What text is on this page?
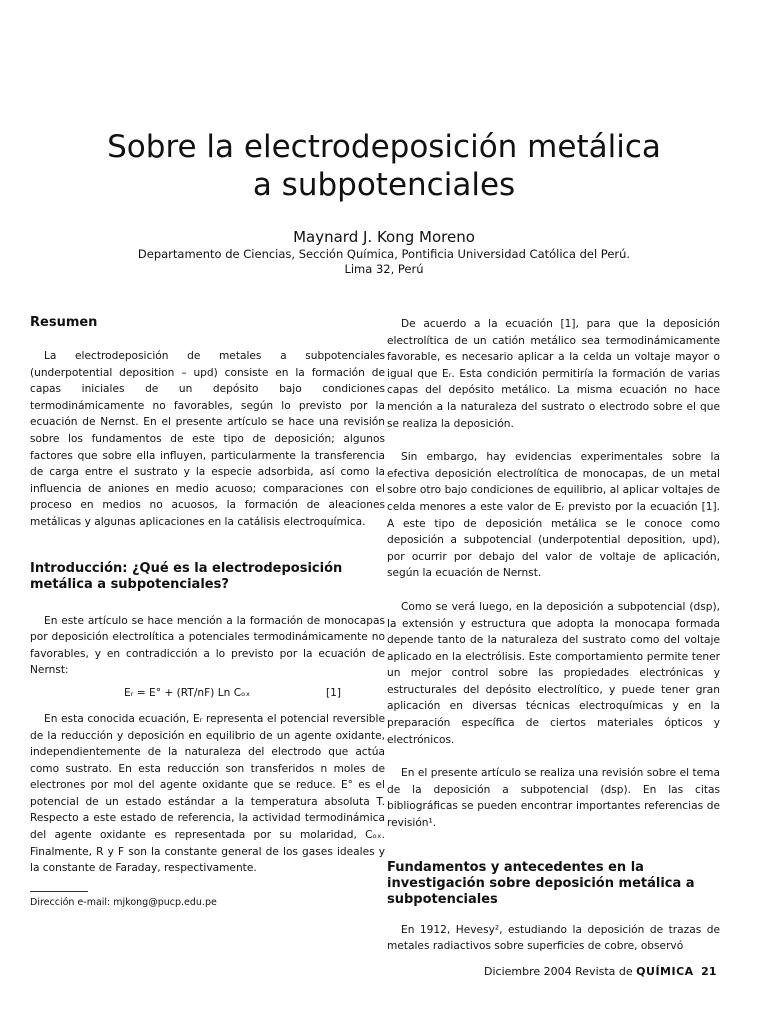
Sobre la electrodeposición metálica
a subpotenciales
Maynard J. Kong Moreno
Departamento de Ciencias, Sección Química, Pontificia Universidad Católica del Perú.
Lima 32, Perú
Resumen

La electrodeposición de metales a subpotenciales (underpotential deposition – upd) consiste en la formación de capas iniciales de un depósito bajo condiciones termodinámicamente no favorables, según lo previsto por la ecuación de Nernst. En el presente artículo se hace una revisión sobre los fundamentos de este tipo de deposición; algunos factores que sobre ella influyen, particularmente la transferencia de carga entre el sustrato y la especie adsorbida, así como la influencia de aniones en medio acuoso; comparaciones con el proceso en medios no acuosos, la formación de aleaciones metálicas y algunas aplicaciones en la catálisis electroquímica.

Introducción: ¿Qué es la electrodeposición metálica a subpotenciales?

En este artículo se hace mención a la formación de monocapas por deposición electrolítica a potenciales termodinámicamente no favorables, y en contradicción a lo previsto por la ecuación de Nernst:

Eᵣ = E° + (RT/nF) Ln Cₒₓ	[1]

En esta conocida ecuación, Eᵣ representa el potencial reversible de la reducción y deposición en equilibrio de un agente oxidante, independientemente de la naturaleza del electrodo que actúa como sustrato. En esta reducción son transferidos n moles de electrones por mol del agente oxidante que se reduce. E° es el potencial de un estado estándar a la temperatura absoluta T. Respecto a este estado de referencia, la actividad termodinámica del agente oxidante es representada por su molaridad, Cₒₓ. Finalmente, R y F son la constante general de los gases ideales y la constante de Faraday, respectivamente.

Dirección e-mail: mjkong@pucp.edu.pe

De acuerdo a la ecuación [1], para que la deposición electrolítica de un catión metálico sea termodinámicamente favorable, es necesario aplicar a la celda un voltaje mayor o igual que Eᵣ. Esta condición permitiría la formación de varias capas del depósito metálico. La misma ecuación no hace mención a la naturaleza del sustrato o electrodo sobre el que se realiza la deposición.

Sin embargo, hay evidencias experimentales sobre la efectiva deposición electrolítica de monocapas, de un metal sobre otro bajo condiciones de equilibrio, al aplicar voltajes de celda menores a este valor de Eᵣ previsto por la ecuación [1]. A este tipo de deposición metálica se le conoce como deposición a subpotencial (underpotential deposition, upd), por ocurrir por debajo del valor de voltaje de aplicación, según la ecuación de Nernst.

Como se verá luego, en la deposición a subpotencial (dsp), la extensión y estructura que adopta la monocapa formada depende tanto de la naturaleza del sustrato como del voltaje aplicado en la electrólisis. Este comportamiento permite tener un mejor control sobre las propiedades electrónicas y estructurales del depósito electrolítico, y puede tener gran aplicación en diversas técnicas electroquímicas y en la preparación específica de ciertos materiales ópticos y electrónicos.

En el presente artículo se realiza una revisión sobre el tema de la deposición a subpotencial (dsp). En las citas bibliográficas se pueden encontrar importantes referencias de revisión¹.

Fundamentos y antecedentes en la investigación sobre deposición metálica a subpotenciales

En 1912, Hevesy², estudiando la deposición de trazas de metales radiactivos sobre superficies de cobre, observó

Diciembre 2004 Revista de QUÍMICA 21
